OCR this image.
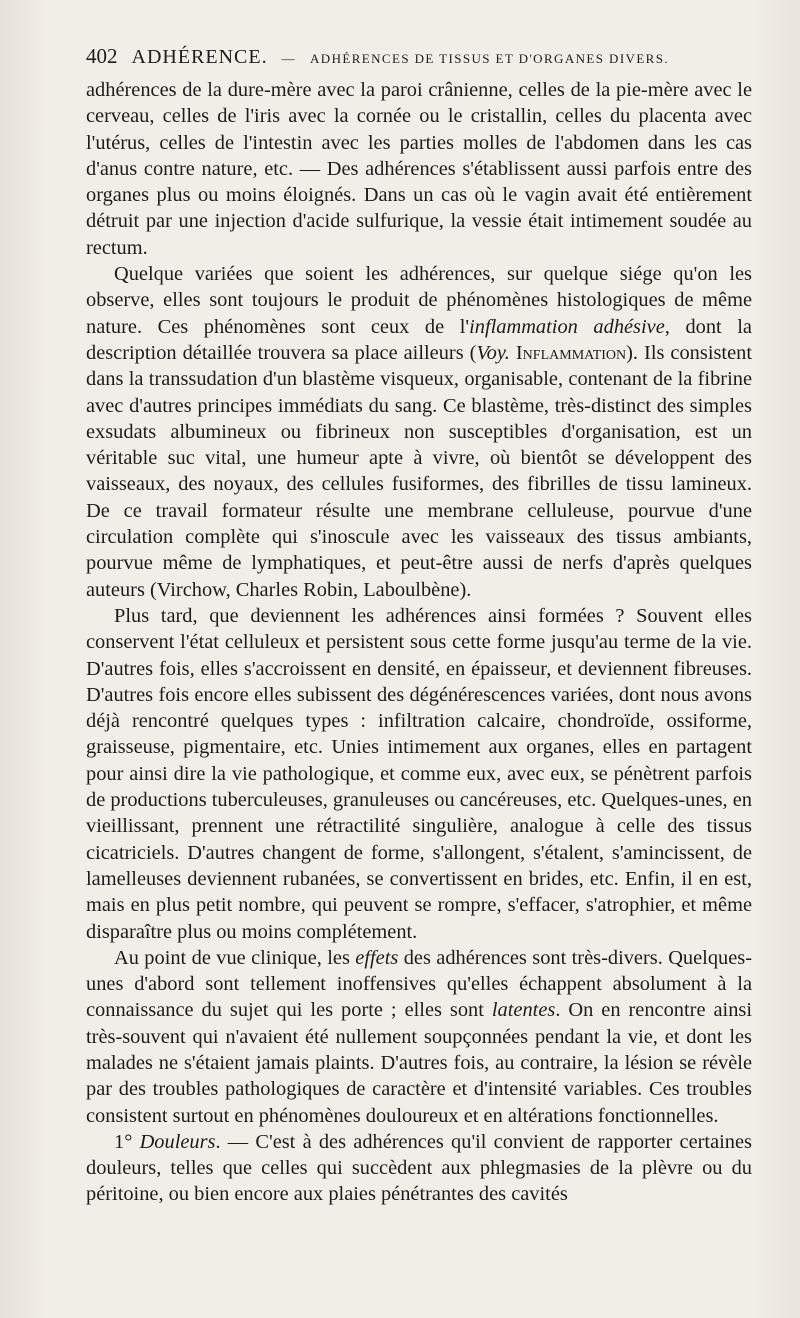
402 ADHÉRENCE. — ADHÉRENCES DE TISSUS ET D'ORGANES DIVERS.

adhérences de la dure-mère avec la paroi crânienne, celles de la pie-mère avec le cerveau, celles de l'iris avec la cornée ou le cristallin, celles du placenta avec l'utérus, celles de l'intestin avec les parties molles de l'abdomen dans les cas d'anus contre nature, etc. — Des adhérences s'établissent aussi parfois entre des organes plus ou moins éloignés. Dans un cas où le vagin avait été entièrement détruit par une injection d'acide sulfurique, la vessie était intimement soudée au rectum.

Quelque variées que soient les adhérences, sur quelque siége qu'on les observe, elles sont toujours le produit de phénomènes histologiques de même nature. Ces phénomènes sont ceux de l'inflammation adhésive, dont la description détaillée trouvera sa place ailleurs (Voy. Inflammation). Ils consistent dans la transsudation d'un blastème visqueux, organisable, contenant de la fibrine avec d'autres principes immédiats du sang. Ce blastème, très-distinct des simples exsudats albumineux ou fibrineux non susceptibles d'organisation, est un véritable suc vital, une humeur apte à vivre, où bientôt se développent des vaisseaux, des noyaux, des cellules fusiformes, des fibrilles de tissu lamineux. De ce travail formateur résulte une membrane celluleuse, pourvue d'une circulation complète qui s'inoscule avec les vaisseaux des tissus ambiants, pourvue même de lymphatiques, et peut-être aussi de nerfs d'après quelques auteurs (Virchow, Charles Robin, Laboulbène).

Plus tard, que deviennent les adhérences ainsi formées ? Souvent elles conservent l'état celluleux et persistent sous cette forme jusqu'au terme de la vie. D'autres fois, elles s'accroissent en densité, en épaisseur, et deviennent fibreuses. D'autres fois encore elles subissent des dégénérescences variées, dont nous avons déjà rencontré quelques types : infiltration calcaire, chondroïde, ossiforme, graisseuse, pigmentaire, etc. Unies intimement aux organes, elles en partagent pour ainsi dire la vie pathologique, et comme eux, avec eux, se pénètrent parfois de productions tuberculeuses, granuleuses ou cancéreuses, etc. Quelques-unes, en vieillissant, prennent une rétractilité singulière, analogue à celle des tissus cicatriciels. D'autres changent de forme, s'allongent, s'étalent, s'amincissent, de lamelleuses deviennent rubanées, se convertissent en brides, etc. Enfin, il en est, mais en plus petit nombre, qui peuvent se rompre, s'effacer, s'atrophier, et même disparaître plus ou moins complétement.

Au point de vue clinique, les effets des adhérences sont très-divers. Quelques-unes d'abord sont tellement inoffensives qu'elles échappent absolument à la connaissance du sujet qui les porte ; elles sont latentes. On en rencontre ainsi très-souvent qui n'avaient été nullement soupçonnées pendant la vie, et dont les malades ne s'étaient jamais plaints. D'autres fois, au contraire, la lésion se révèle par des troubles pathologiques de caractère et d'intensité variables. Ces troubles consistent surtout en phénomènes douloureux et en altérations fonctionnelles.

1° Douleurs. — C'est à des adhérences qu'il convient de rapporter certaines douleurs, telles que celles qui succèdent aux phlegmasies de la plèvre ou du péritoine, ou bien encore aux plaies pénétrantes des cavités
